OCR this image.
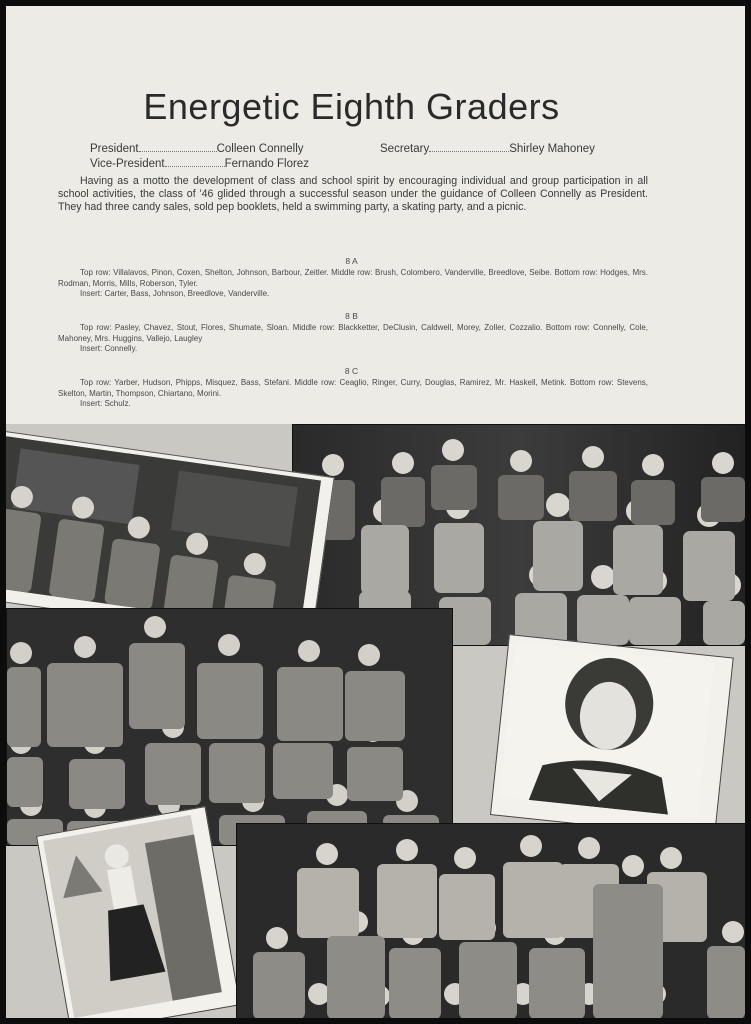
Energetic Eighth Graders
President	Colleen Connelly
Vice-President	Fernando Florez
Secretary	Shirley Mahoney
Having as a motto the development of class and school spirit by encouraging individual and group participation in all school activities, the class of '46 glided through a successful season under the guidance of Colleen Connelly as President. They had three candy sales, sold pep booklets, held a swimming party, a skating party, and a picnic.
8 A

Top row: Villalavos, Pinon, Coxen, Shelton, Johnson, Barbour, Zeitler. Middle row: Brush, Colombero, Vanderville, Breedlove, Seibe. Bottom row: Hodges, Mrs. Rodman, Morris, Mills, Roberson, Tyler.

Insert: Carter, Bass, Johnson, Breedlove, Vanderville.

8 B

Top row: Pasley, Chavez, Stout, Flores, Shumate, Sloan. Middle row: Blackketter, DeClusin, Caldwell, Morey, Zoller, Cozzalio. Bottom row: Connelly, Cole, Mahoney, Mrs. Huggins, Vallejo, Laugley

Insert: Connelly.

8 C

Top row: Yarber, Hudson, Phipps, Misquez, Bass, Stefani. Middle row: Ceaglio, Ringer, Curry, Douglas, Ramirez, Mr. Haskell, Metink. Bottom row: Stevens, Skelton, Martin, Thompson, Chiartano, Morini.

Insert: Schulz.
